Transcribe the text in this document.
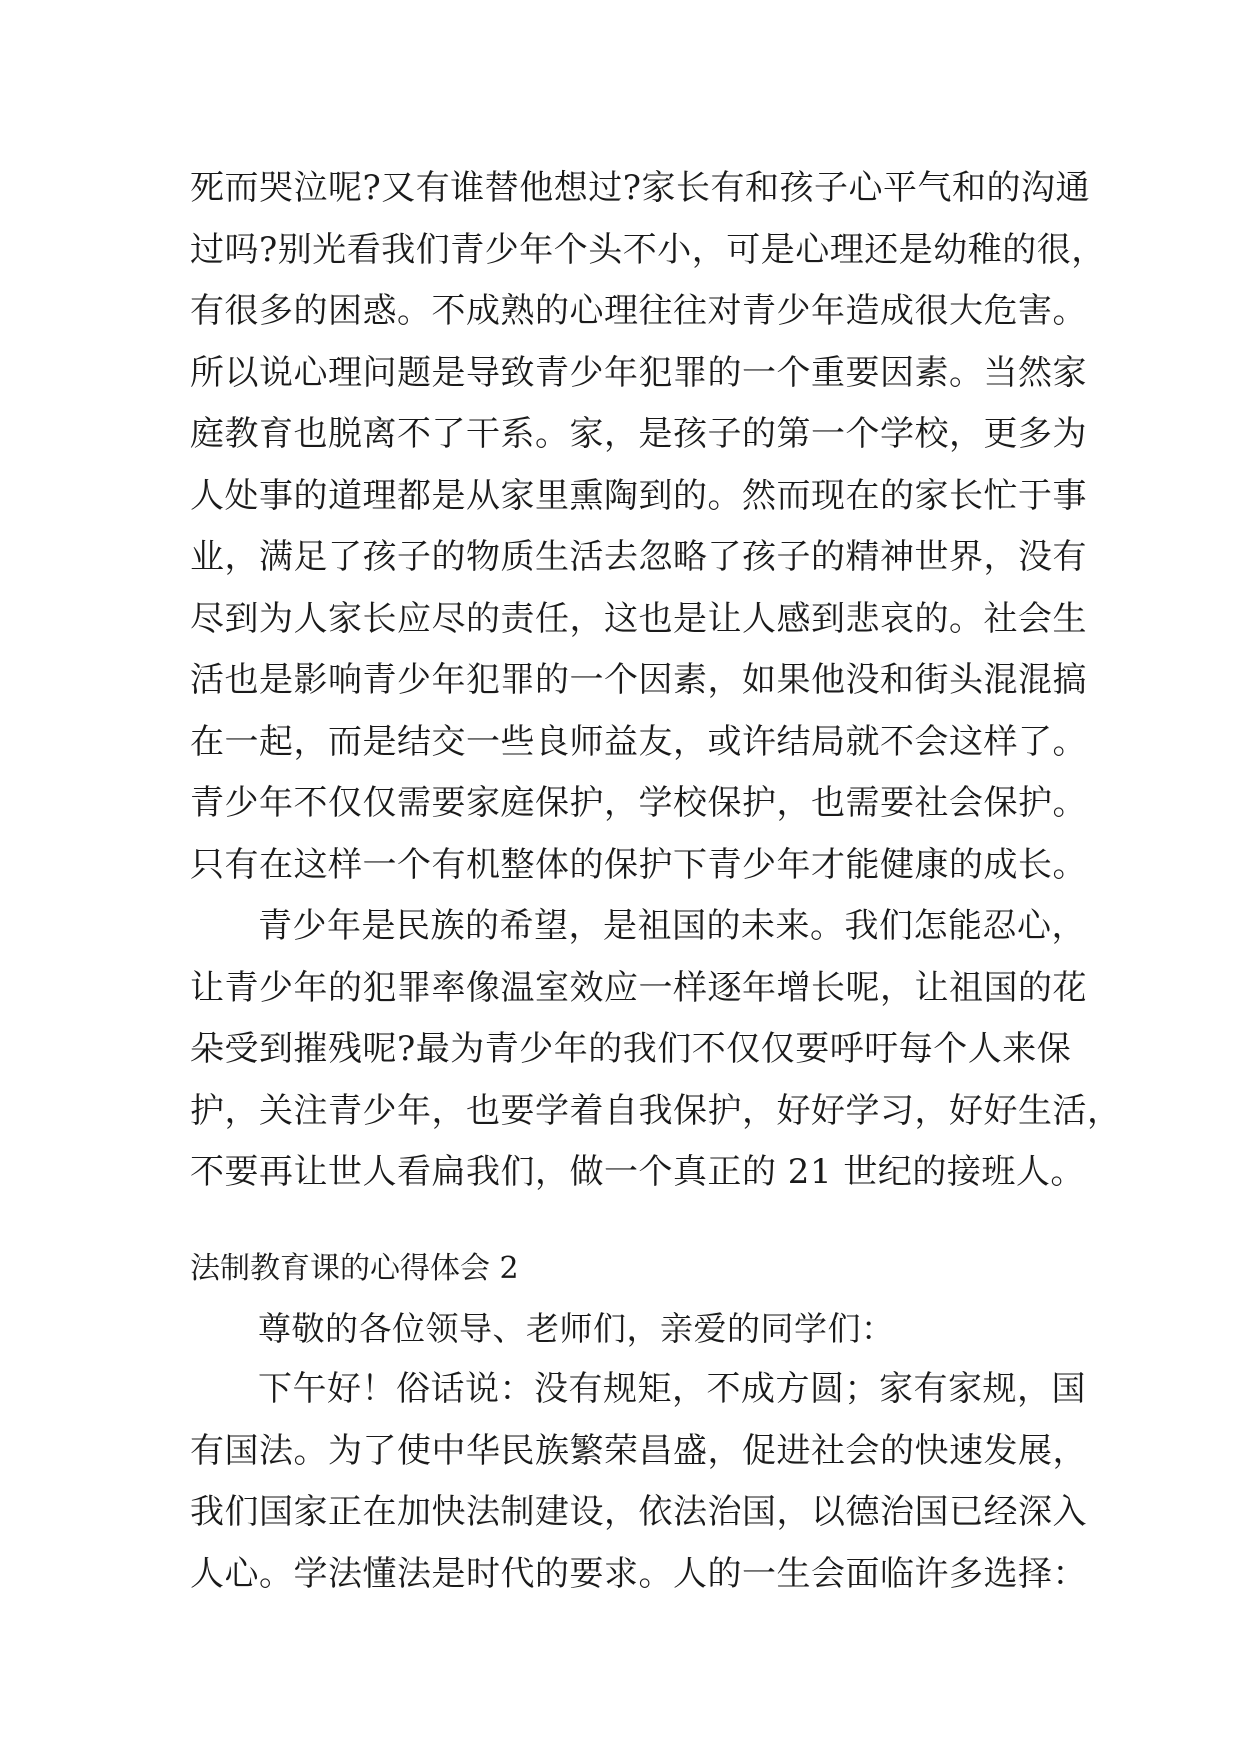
死而哭泣呢?又有谁替他想过?家长有和孩子心平气和的沟通
过吗?别光看我们青少年个头不小，可是心理还是幼稚的很，
有很多的困惑。不成熟的心理往往对青少年造成很大危害。
所以说心理问题是导致青少年犯罪的一个重要因素。当然家
庭教育也脱离不了干系。家，是孩子的第一个学校，更多为
人处事的道理都是从家里熏陶到的。然而现在的家长忙于事
业，满足了孩子的物质生活去忽略了孩子的精神世界，没有
尽到为人家长应尽的责任，这也是让人感到悲哀的。社会生
活也是影响青少年犯罪的一个因素，如果他没和街头混混搞
在一起，而是结交一些良师益友，或许结局就不会这样了。
青少年不仅仅需要家庭保护，学校保护，也需要社会保护。
只有在这样一个有机整体的保护下青少年才能健康的成长。
青少年是民族的希望，是祖国的未来。我们怎能忍心，
让青少年的犯罪率像温室效应一样逐年增长呢，让祖国的花
朵受到摧残呢?最为青少年的我们不仅仅要呼吁每个人来保
护，关注青少年，也要学着自我保护，好好学习，好好生活，
不要再让世人看扁我们，做一个真正的 21 世纪的接班人。
法制教育课的心得体会 2
尊敬的各位领导、老师们，亲爱的同学们：
下午好！俗话说：没有规矩，不成方圆；家有家规，国
有国法。为了使中华民族繁荣昌盛，促进社会的快速发展，
我们国家正在加快法制建设，依法治国，以德治国已经深入
人心。学法懂法是时代的要求。人的一生会面临许多选择：
